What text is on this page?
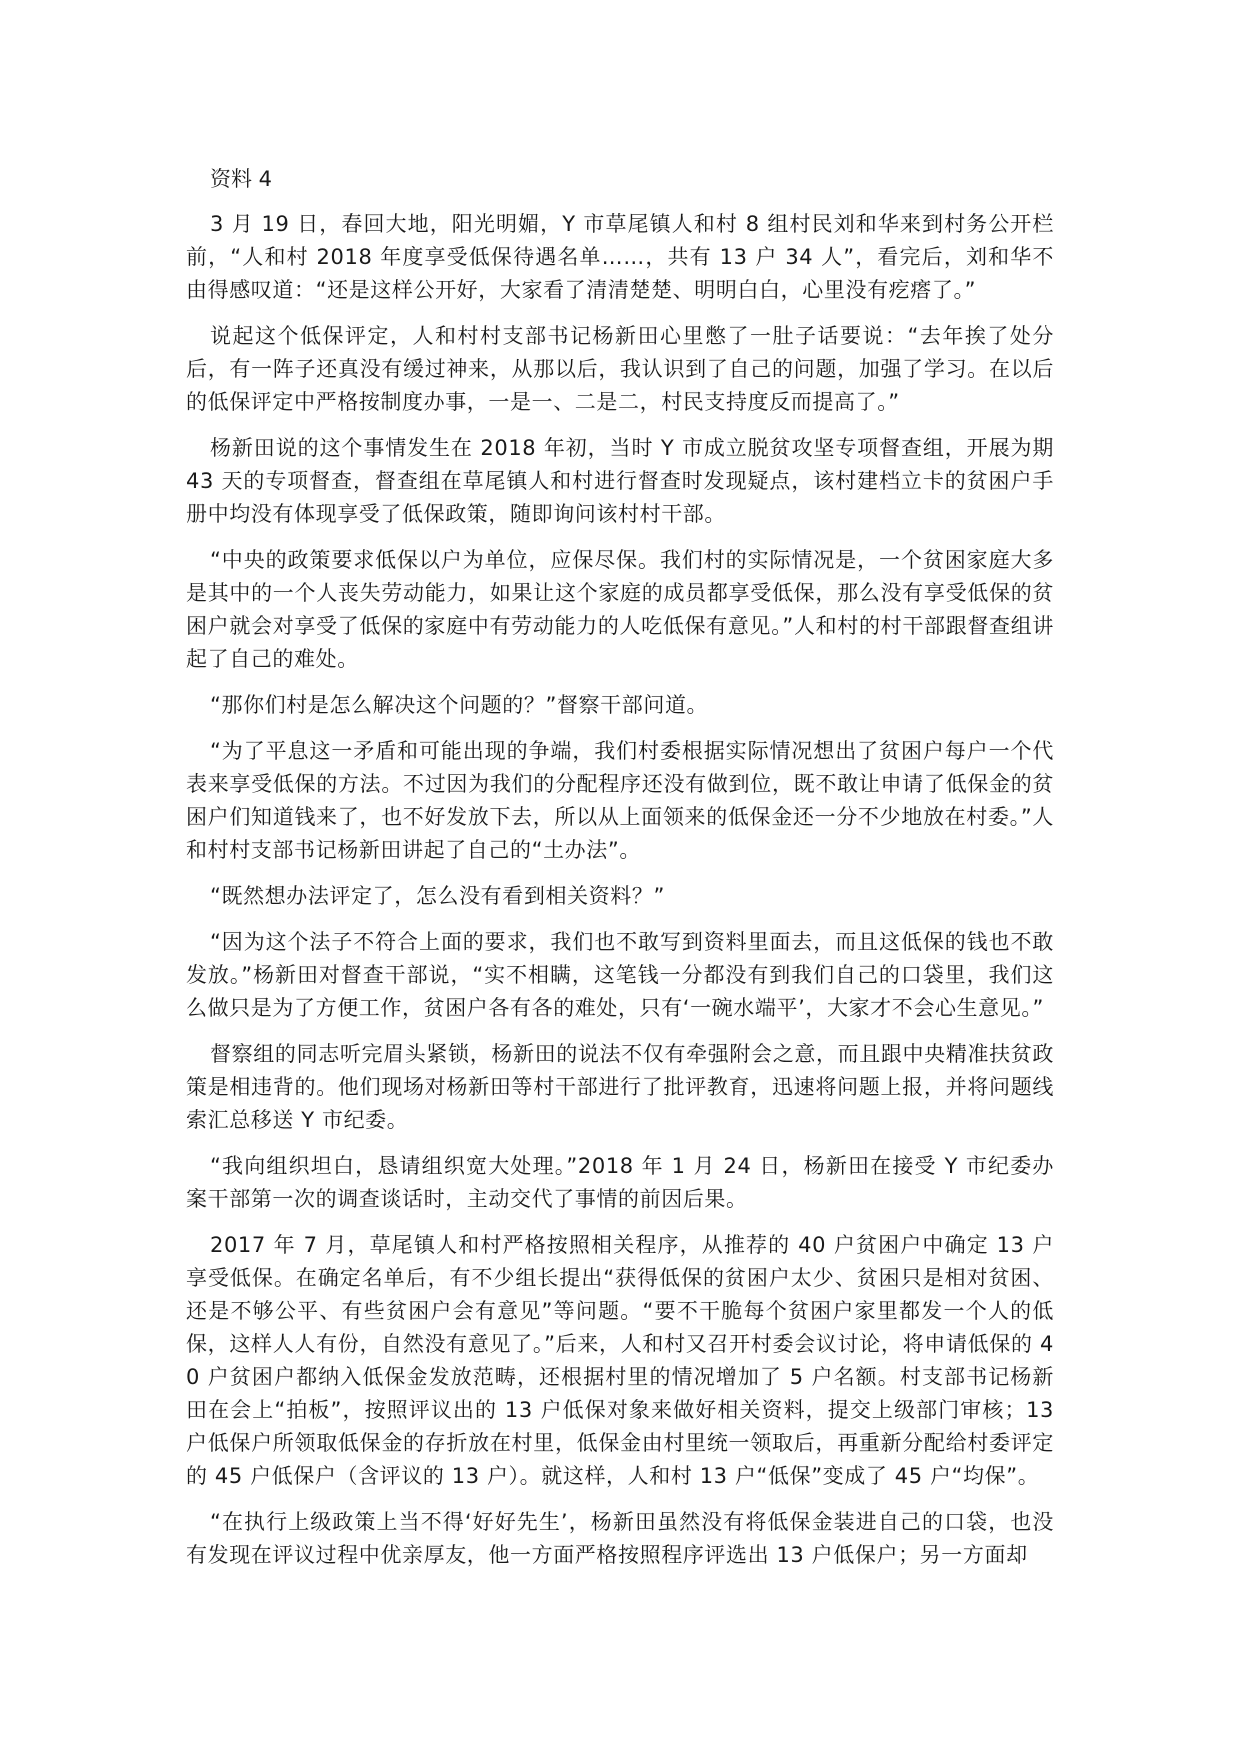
资料 4

3 月 19 日，春回大地，阳光明媚，Y 市草尾镇人和村 8 组村民刘和华来到村务公开栏前，“人和村 2018 年度享受低保待遇名单……，共有 13 户 34 人”，看完后，刘和华不由得感叹道：“还是这样公开好，大家看了清清楚楚、明明白白，心里没有疙瘩了。”

说起这个低保评定，人和村村支部书记杨新田心里憋了一肚子话要说：“去年挨了处分后，有一阵子还真没有缓过神来，从那以后，我认识到了自己的问题，加强了学习。在以后的低保评定中严格按制度办事，一是一、二是二，村民支持度反而提高了。”

杨新田说的这个事情发生在 2018 年初，当时 Y 市成立脱贫攻坚专项督查组，开展为期 43 天的专项督查，督查组在草尾镇人和村进行督查时发现疑点，该村建档立卡的贫困户手册中均没有体现享受了低保政策，随即询问该村村干部。

“中央的政策要求低保以户为单位，应保尽保。我们村的实际情况是，一个贫困家庭大多是其中的一个人丧失劳动能力，如果让这个家庭的成员都享受低保，那么没有享受低保的贫困户就会对享受了低保的家庭中有劳动能力的人吃低保有意见。”人和村的村干部跟督查组讲起了自己的难处。

“那你们村是怎么解决这个问题的？”督察干部问道。

“为了平息这一矛盾和可能出现的争端，我们村委根据实际情况想出了贫困户每户一个代表来享受低保的方法。不过因为我们的分配程序还没有做到位，既不敢让申请了低保金的贫困户们知道钱来了，也不好发放下去，所以从上面领来的低保金还一分不少地放在村委。”人和村村支部书记杨新田讲起了自己的“土办法”。

“既然想办法评定了，怎么没有看到相关资料？”

“因为这个法子不符合上面的要求，我们也不敢写到资料里面去，而且这低保的钱也不敢发放。”杨新田对督查干部说，“实不相瞒，这笔钱一分都没有到我们自己的口袋里，我们这么做只是为了方便工作，贫困户各有各的难处，只有‘一碗水端平’，大家才不会心生意见。”

督察组的同志听完眉头紧锁，杨新田的说法不仅有牵强附会之意，而且跟中央精准扶贫政策是相违背的。他们现场对杨新田等村干部进行了批评教育，迅速将问题上报，并将问题线索汇总移送 Y 市纪委。

“我向组织坦白，恳请组织宽大处理。”2018 年 1 月 24 日，杨新田在接受 Y 市纪委办案干部第一次的调查谈话时，主动交代了事情的前因后果。

2017 年 7 月，草尾镇人和村严格按照相关程序，从推荐的 40 户贫困户中确定 13 户享受低保。在确定名单后，有不少组长提出“获得低保的贫困户太少、贫困只是相对贫困、还是不够公平、有些贫困户会有意见”等问题。“要不干脆每个贫困户家里都发一个人的低保，这样人人有份，自然没有意见了。”后来，人和村又召开村委会议讨论，将申请低保的 40 户贫困户都纳入低保金发放范畴，还根据村里的情况增加了 5 户名额。村支部书记杨新田在会上“拍板”，按照评议出的 13 户低保对象来做好相关资料，提交上级部门审核；13 户低保户所领取低保金的存折放在村里，低保金由村里统一领取后，再重新分配给村委评定的 45 户低保户（含评议的 13 户）。就这样，人和村 13 户“低保”变成了 45 户“均保”。

“在执行上级政策上当不得‘好好先生’，杨新田虽然没有将低保金装进自己的口袋，也没有发现在评议过程中优亲厚友，他一方面严格按照程序评选出 13 户低保户；另一方面却
